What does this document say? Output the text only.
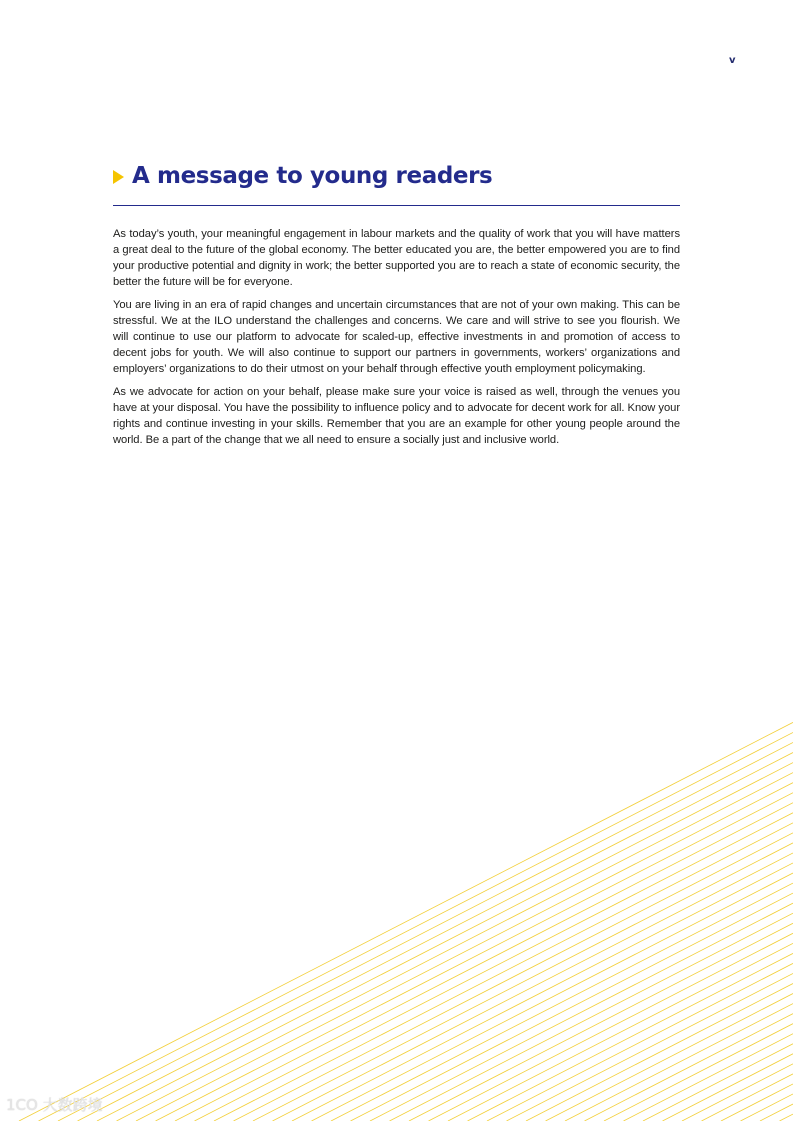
v
A message to young readers

As today’s youth, your meaningful engagement in labour markets and the quality of work that you will have matters a great deal to the future of the global economy. The better educated you are, the better empowered you are to find your productive potential and dignity in work; the better supported you are to reach a state of economic security, the better the future will be for everyone.

You are living in an era of rapid changes and uncertain circumstances that are not of your own making. This can be stressful. We at the ILO understand the challenges and concerns. We care and will strive to see you flourish. We will continue to use our platform to advocate for scaled-up, effective investments in and promotion of access to decent jobs for youth. We will also continue to support our partners in governments, workers’ organizations and employers’ organizations to do their utmost on your behalf through effective youth employment policymaking.

As we advocate for action on your behalf, please make sure your voice is raised as well, through the venues you have at your disposal. You have the possibility to influence policy and to advocate for decent work for all. Know your rights and continue investing in your skills. Remember that you are an example for other young people around the world. Be a part of the change that we all need to ensure a socially just and inclusive world.

1CO 大数跨境
